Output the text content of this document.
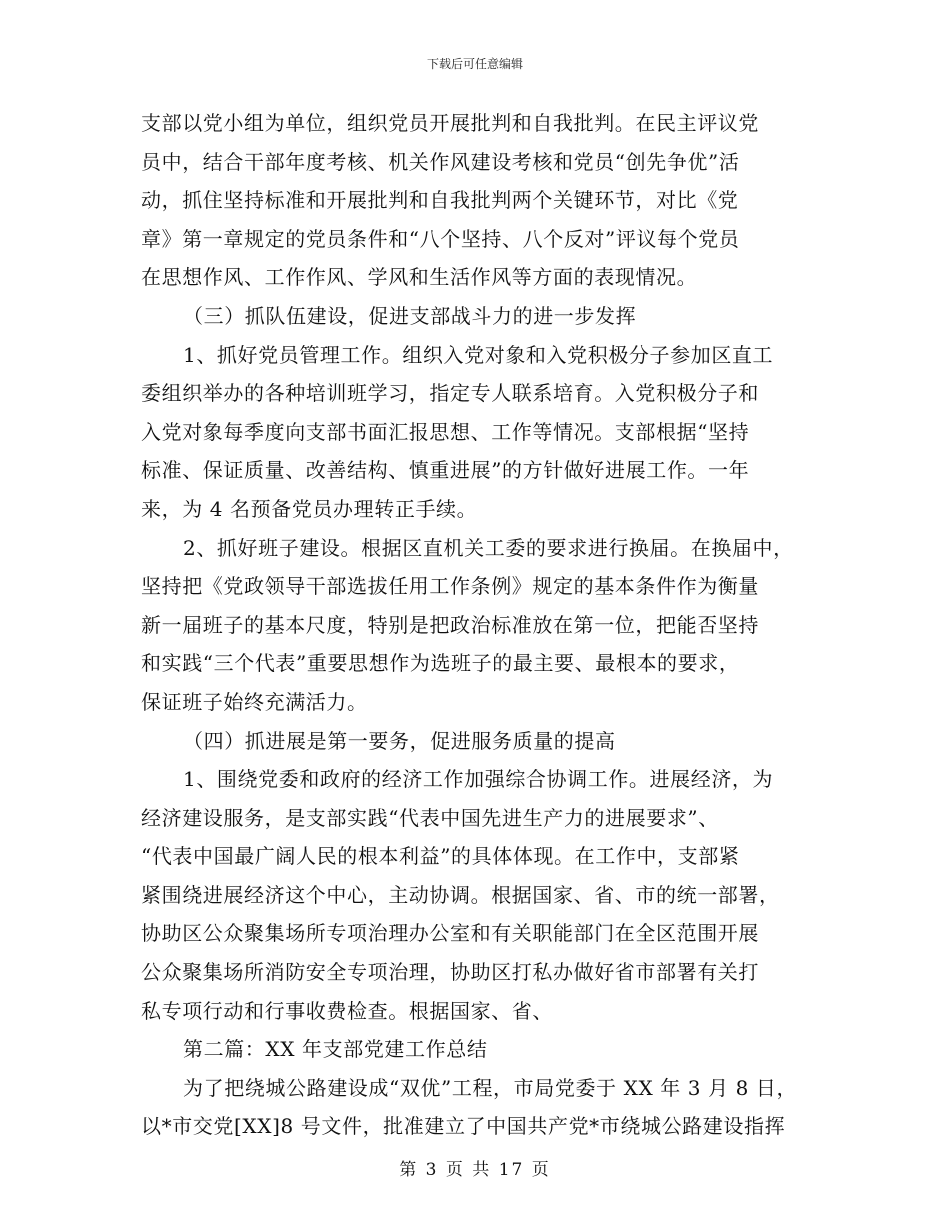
下载后可任意编辑
支部以党小组为单位，组织党员开展批判和自我批判。在民主评议党
员中，结合干部年度考核、机关作风建设考核和党员“创先争优”活
动，抓住坚持标准和开展批判和自我批判两个关键环节，对比《党
章》第一章规定的党员条件和“八个坚持、八个反对”评议每个党员
在思想作风、工作作风、学风和生活作风等方面的表现情况。
（三）抓队伍建设，促进支部战斗力的进一步发挥
1、抓好党员管理工作。组织入党对象和入党积极分子参加区直工
委组织举办的各种培训班学习，指定专人联系培育。入党积极分子和
入党对象每季度向支部书面汇报思想、工作等情况。支部根据“坚持
标准、保证质量、改善结构、慎重进展”的方针做好进展工作。一年
来，为 4 名预备党员办理转正手续。
2、抓好班子建设。根据区直机关工委的要求进行换届。在换届中，
坚持把《党政领导干部选拔任用工作条例》规定的基本条件作为衡量
新一届班子的基本尺度，特别是把政治标准放在第一位，把能否坚持
和实践“三个代表”重要思想作为选班子的最主要、最根本的要求，
保证班子始终充满活力。
（四）抓进展是第一要务，促进服务质量的提高
1、围绕党委和政府的经济工作加强综合协调工作。进展经济，为
经济建设服务，是支部实践“代表中国先进生产力的进展要求”、
“代表中国最广阔人民的根本利益”的具体体现。在工作中，支部紧
紧围绕进展经济这个中心，主动协调。根据国家、省、市的统一部署，
协助区公众聚集场所专项治理办公室和有关职能部门在全区范围开展
公众聚集场所消防安全专项治理，协助区打私办做好省市部署有关打
私专项行动和行事收费检查。根据国家、省、
第二篇：XX 年支部党建工作总结
为了把绕城公路建设成“双优”工程，市局党委于 XX 年 3 月 8 日，
以*市交党[XX]8 号文件，批准建立了中国共产党*市绕城公路建设指挥
第 3 页 共 17 页
